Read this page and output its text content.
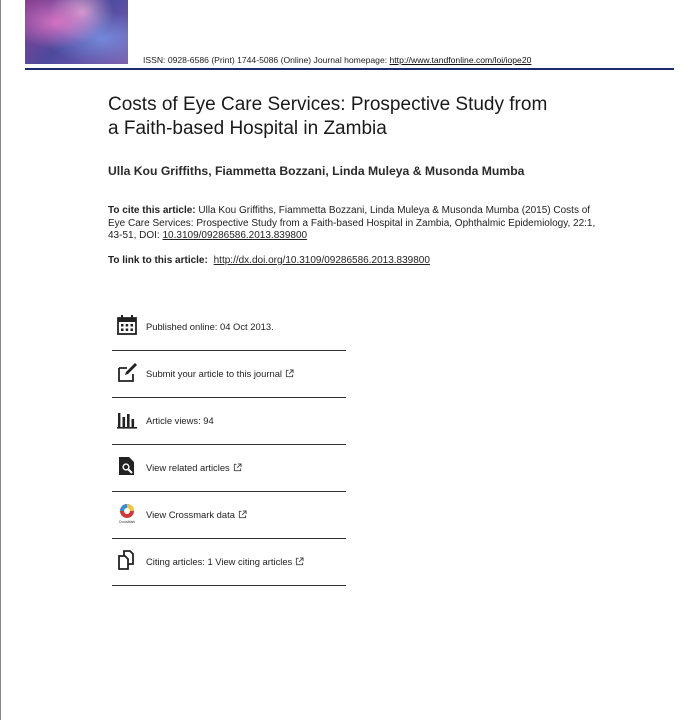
ISSN: 0928-6586 (Print) 1744-5086 (Online) Journal homepage: http://www.tandfonline.com/loi/iope20
Costs of Eye Care Services: Prospective Study from
a Faith-based Hospital in Zambia
Ulla Kou Griffiths, Fiammetta Bozzani, Linda Muleya & Musonda Mumba
To cite this article: Ulla Kou Griffiths, Fiammetta Bozzani, Linda Muleya & Musonda Mumba (2015) Costs of Eye Care Services: Prospective Study from a Faith-based Hospital in Zambia, Ophthalmic Epidemiology, 22:1, 43-51, DOI: 10.3109/09286586.2013.839800
To link to this article: http://dx.doi.org/10.3109/09286586.2013.839800
Published online: 04 Oct 2013.
Submit your article to this journal
Article views: 94
View related articles
CrossMark
View Crossmark data
Citing articles: 1 View citing articles
